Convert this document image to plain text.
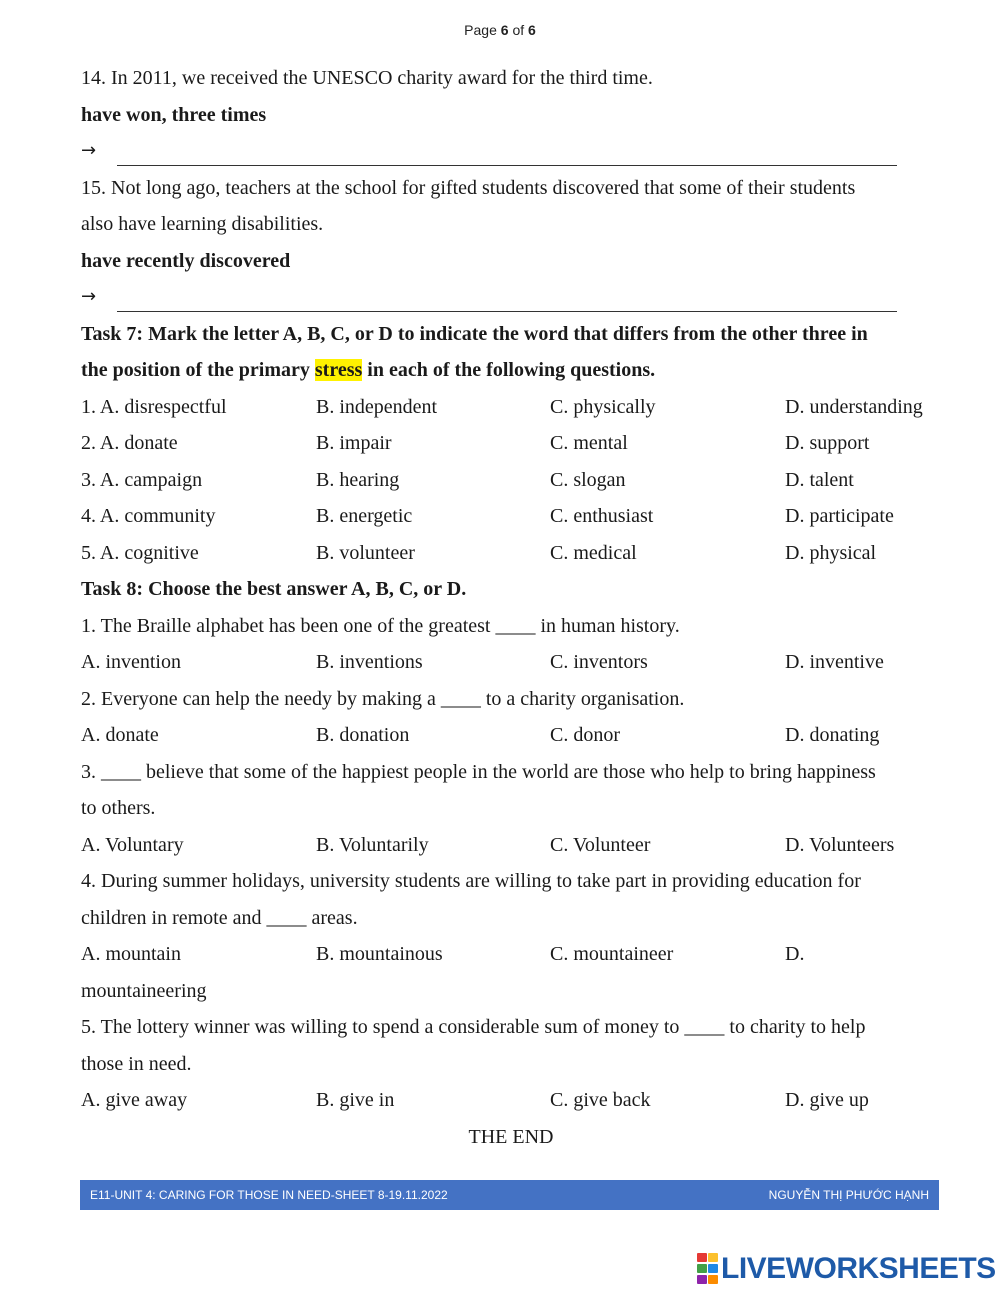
Page 6 of 6
14. In 2011, we received the UNESCO charity award for the third time.
have won, three times
→
15. Not long ago, teachers at the school for gifted students discovered that some of their students
also have learning disabilities.
have recently discovered
→
Task 7: Mark the letter A, B, C, or D to indicate the word that differs from the other three in
the position of the primary stress in each of the following questions.
1. A. disrespectful	B. independent	C. physically	D. understanding
2. A. donate	B. impair	C. mental	D. support
3. A. campaign	B. hearing	C. slogan	D. talent
4. A. community	B. energetic	C. enthusiast	D. participate
5. A. cognitive	B. volunteer	C. medical	D. physical
Task 8: Choose the best answer A, B, C, or D.
1. The Braille alphabet has been one of the greatest ____ in human history.
A. invention	B. inventions	C. inventors	D. inventive
2. Everyone can help the needy by making a ____ to a charity organisation.
A. donate	B. donation	C. donor	D. donating
3. ____ believe that some of the happiest people in the world are those who help to bring happiness
to others.
A. Voluntary	B. Voluntarily	C. Volunteer	D. Volunteers
4. During summer holidays, university students are willing to take part in providing education for
children in remote and ____ areas.
A. mountain	B. mountainous	C. mountaineer	D.
mountaineering
5. The lottery winner was willing to spend a considerable sum of money to ____ to charity to help
those in need.
A. give away	B. give in	C. give back	D. give up
THE END
E11-UNIT 4: CARING FOR THOSE IN NEED-SHEET 8-19.11.2022	NGUYỄN THỊ PHƯỚC HẠNH
LIVEWORKSHEETS
